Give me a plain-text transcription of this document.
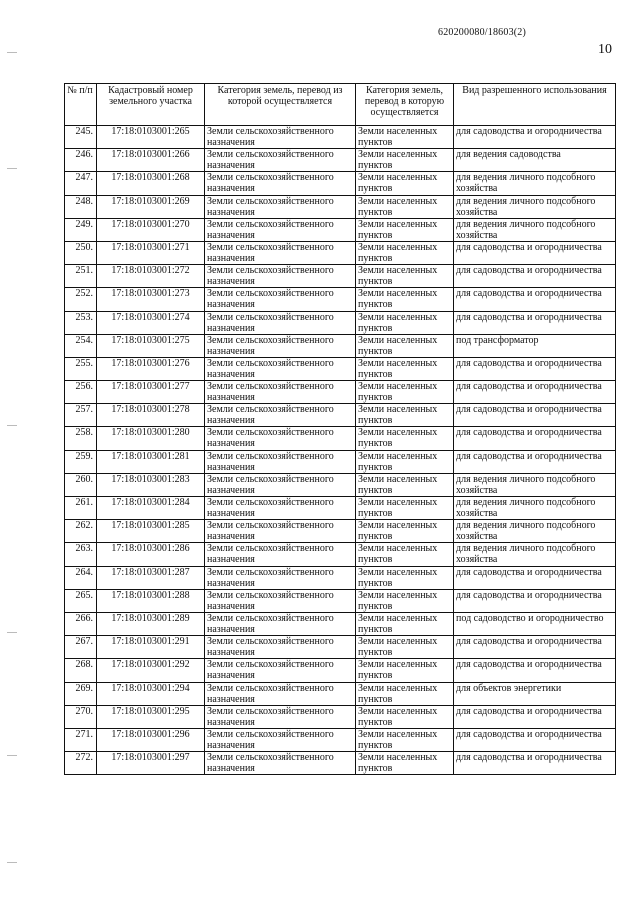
620200080/18603(2)
10
№ п/п	Кадастровый номер земельного участка	Категория земель, перевод из которой осуществляется	Категория земель, перевод в которую осуществляется	Вид разрешенного использования
245.	17:18:0103001:265	Земли сельскохозяйственного назначения	Земли населенных пунктов	для садоводства и огородничества
246.	17:18:0103001:266	Земли сельскохозяйственного назначения	Земли населенных пунктов	для ведения садоводства
247.	17:18:0103001:268	Земли сельскохозяйственного назначения	Земли населенных пунктов	для ведения личного подсобного хозяйства
248.	17:18:0103001:269	Земли сельскохозяйственного назначения	Земли населенных пунктов	для ведения личного подсобного хозяйства
249.	17:18:0103001:270	Земли сельскохозяйственного назначения	Земли населенных пунктов	для ведения личного подсобного хозяйства
250.	17:18:0103001:271	Земли сельскохозяйственного назначения	Земли населенных пунктов	для садоводства и огородничества
251.	17:18:0103001:272	Земли сельскохозяйственного назначения	Земли населенных пунктов	для садоводства и огородничества
252.	17:18:0103001:273	Земли сельскохозяйственного назначения	Земли населенных пунктов	для садоводства и огородничества
253.	17:18:0103001:274	Земли сельскохозяйственного назначения	Земли населенных пунктов	для садоводства и огородничества
254.	17:18:0103001:275	Земли сельскохозяйственного назначения	Земли населенных пунктов	под трансформатор
255.	17:18:0103001:276	Земли сельскохозяйственного назначения	Земли населенных пунктов	для садоводства и огородничества
256.	17:18:0103001:277	Земли сельскохозяйственного назначения	Земли населенных пунктов	для садоводства и огородничества
257.	17:18:0103001:278	Земли сельскохозяйственного назначения	Земли населенных пунктов	для садоводства и огородничества
258.	17:18:0103001:280	Земли сельскохозяйственного назначения	Земли населенных пунктов	для садоводства и огородничества
259.	17:18:0103001:281	Земли сельскохозяйственного назначения	Земли населенных пунктов	для садоводства и огородничества
260.	17:18:0103001:283	Земли сельскохозяйственного назначения	Земли населенных пунктов	для ведения личного подсобного хозяйства
261.	17:18:0103001:284	Земли сельскохозяйственного назначения	Земли населенных пунктов	для ведения личного подсобного хозяйства
262.	17:18:0103001:285	Земли сельскохозяйственного назначения	Земли населенных пунктов	для ведения личного подсобного хозяйства
263.	17:18:0103001:286	Земли сельскохозяйственного назначения	Земли населенных пунктов	для ведения личного подсобного хозяйства
264.	17:18:0103001:287	Земли сельскохозяйственного назначения	Земли населенных пунктов	для садоводства и огородничества
265.	17:18:0103001:288	Земли сельскохозяйственного назначения	Земли населенных пунктов	для садоводства и огородничества
266.	17:18:0103001:289	Земли сельскохозяйственного назначения	Земли населенных пунктов	под садоводство и огородничество
267.	17:18:0103001:291	Земли сельскохозяйственного назначения	Земли населенных пунктов	для садоводства и огородничества
268.	17:18:0103001:292	Земли сельскохозяйственного назначения	Земли населенных пунктов	для садоводства и огородничества
269.	17:18:0103001:294	Земли сельскохозяйственного назначения	Земли населенных пунктов	для объектов энергетики
270.	17:18:0103001:295	Земли сельскохозяйственного назначения	Земли населенных пунктов	для садоводства и огородничества
271.	17:18:0103001:296	Земли сельскохозяйственного назначения	Земли населенных пунктов	для садоводства и огородничества
272.	17:18:0103001:297	Земли сельскохозяйственного назначения	Земли населенных пунктов	для садоводства и огородничества
